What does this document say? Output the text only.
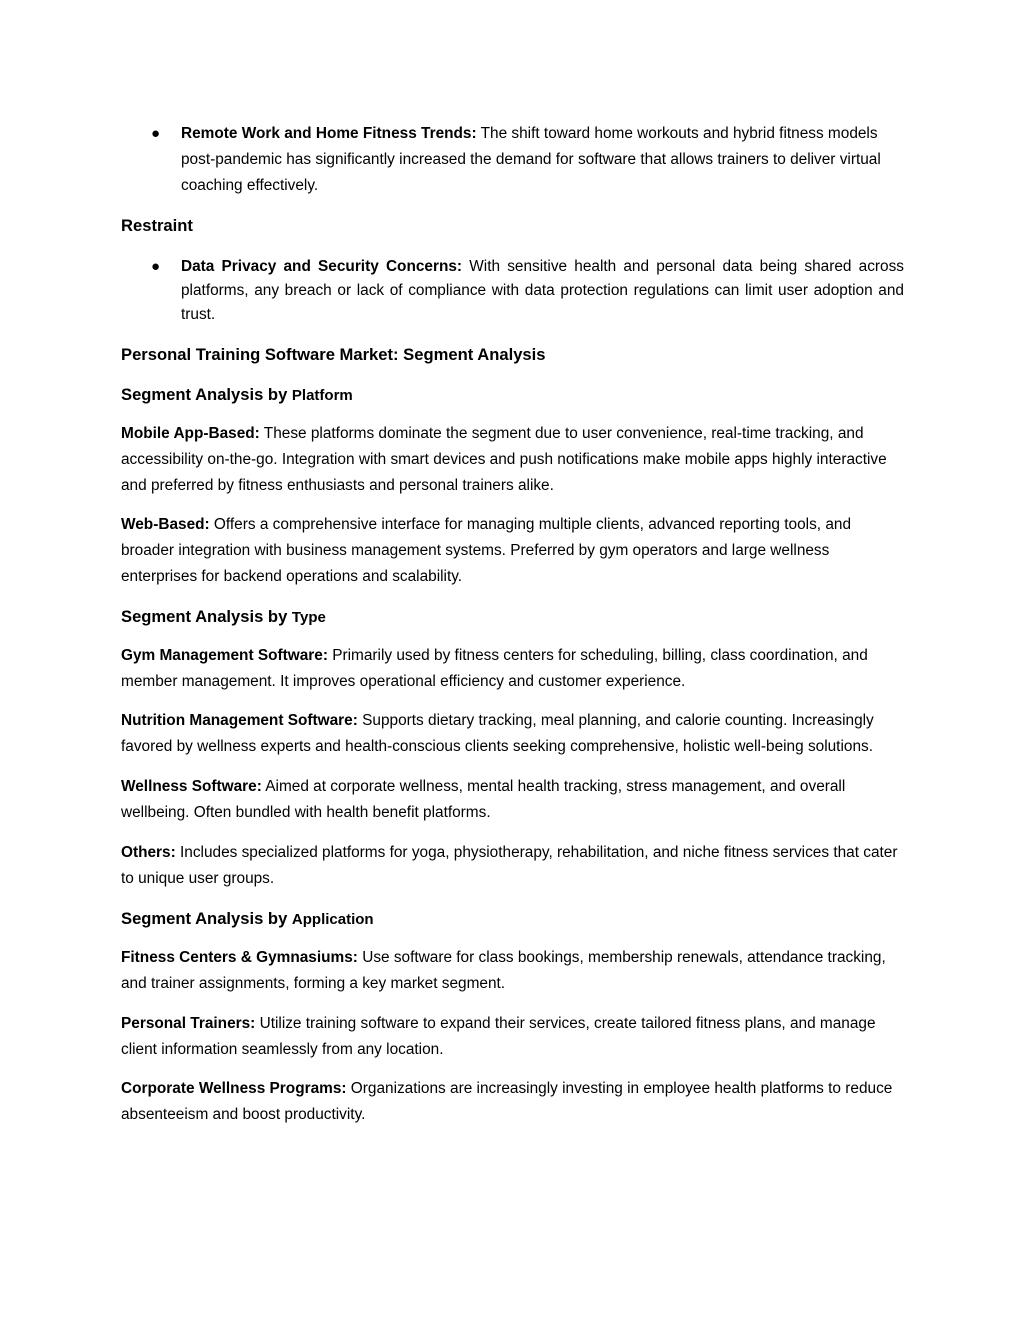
● Remote Work and Home Fitness Trends: The shift toward home workouts and hybrid fitness models post-pandemic has significantly increased the demand for software that allows trainers to deliver virtual coaching effectively.

Restraint
● Data Privacy and Security Concerns: With sensitive health and personal data being shared across platforms, any breach or lack of compliance with data protection regulations can limit user adoption and trust.

Personal Training Software Market: Segment Analysis
Segment Analysis by Platform

Mobile App-Based: These platforms dominate the segment due to user convenience, real-time tracking, and accessibility on-the-go. Integration with smart devices and push notifications make mobile apps highly interactive and preferred by fitness enthusiasts and personal trainers alike.

Web-Based: Offers a comprehensive interface for managing multiple clients, advanced reporting tools, and broader integration with business management systems. Preferred by gym operators and large wellness enterprises for backend operations and scalability.

Segment Analysis by Type

Gym Management Software: Primarily used by fitness centers for scheduling, billing, class coordination, and member management. It improves operational efficiency and customer experience.

Nutrition Management Software: Supports dietary tracking, meal planning, and calorie counting. Increasingly favored by wellness experts and health-conscious clients seeking comprehensive, holistic well-being solutions.

Wellness Software: Aimed at corporate wellness, mental health tracking, stress management, and overall wellbeing. Often bundled with health benefit platforms.

Others: Includes specialized platforms for yoga, physiotherapy, rehabilitation, and niche fitness services that cater to unique user groups.

Segment Analysis by Application

Fitness Centers & Gymnasiums: Use software for class bookings, membership renewals, attendance tracking, and trainer assignments, forming a key market segment.

Personal Trainers: Utilize training software to expand their services, create tailored fitness plans, and manage client information seamlessly from any location.

Corporate Wellness Programs: Organizations are increasingly investing in employee health platforms to reduce absenteeism and boost productivity.
